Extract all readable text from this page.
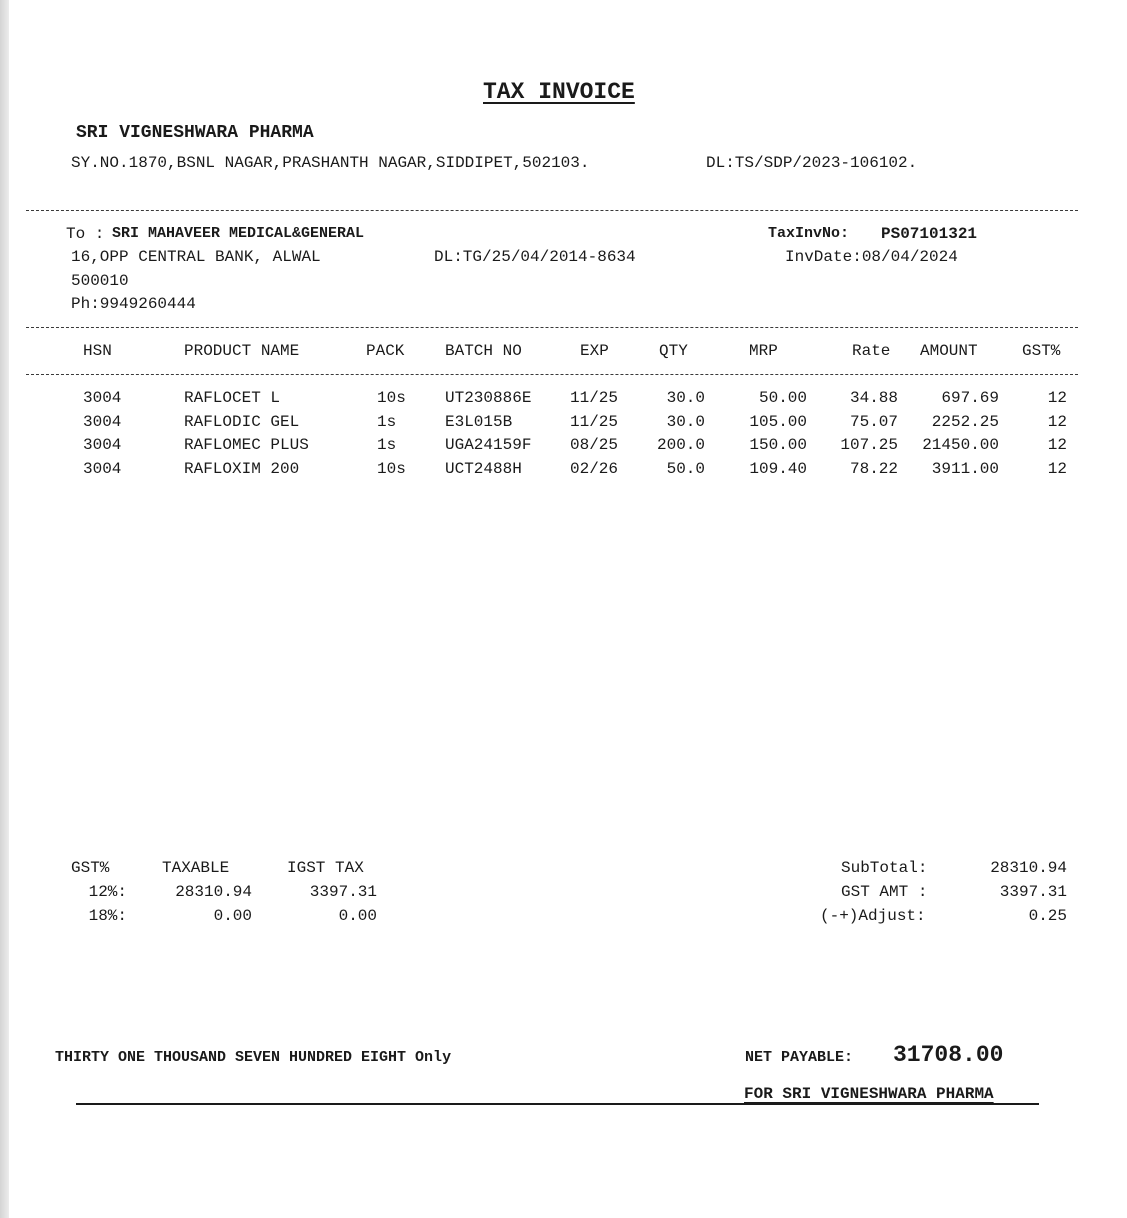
TAX INVOICE
SRI VIGNESHWARA PHARMA
SY.NO.1870,BSNL NAGAR,PRASHANTH NAGAR,SIDDIPET,502103.	DL:TS/SDP/2023-106102.
To : SRI MAHAVEER MEDICAL&GENERAL
16,OPP CENTRAL BANK, ALWAL	DL:TG/25/04/2014-8634
500010
Ph:9949260444
TaxInvNo: PS07101321
InvDate:08/04/2024
HSN	PRODUCT NAME	PACK	BATCH NO	EXP	QTY	MRP	Rate AMOUNT	GST%
3004	RAFLOCET L	10s UT230886E 11/25	30.0	50.00	34.88	697.69	12
3004	RAFLODIC GEL	1s	E3L015B	11/25	30.0	105.00	75.07	2252.25	12
3004	RAFLOMEC PLUS	1s	UGA24159F 08/25	200.0	150.00	107.25	21450.00	12
3004	RAFLOXIM 200	10s UCT2488H	02/26	50.0	109.40	78.22	3911.00	12
GST%	TAXABLE	IGST TAX
12%:	28310.94	3397.31
18%:	0.00	0.00
SubTotal:	28310.94
GST AMT :	3397.31
(-+)Adjust:	0.25
THIRTY ONE THOUSAND SEVEN HUNDRED EIGHT Only	NET PAYABLE: 31708.00
FOR SRI VIGNESHWARA PHARMA
